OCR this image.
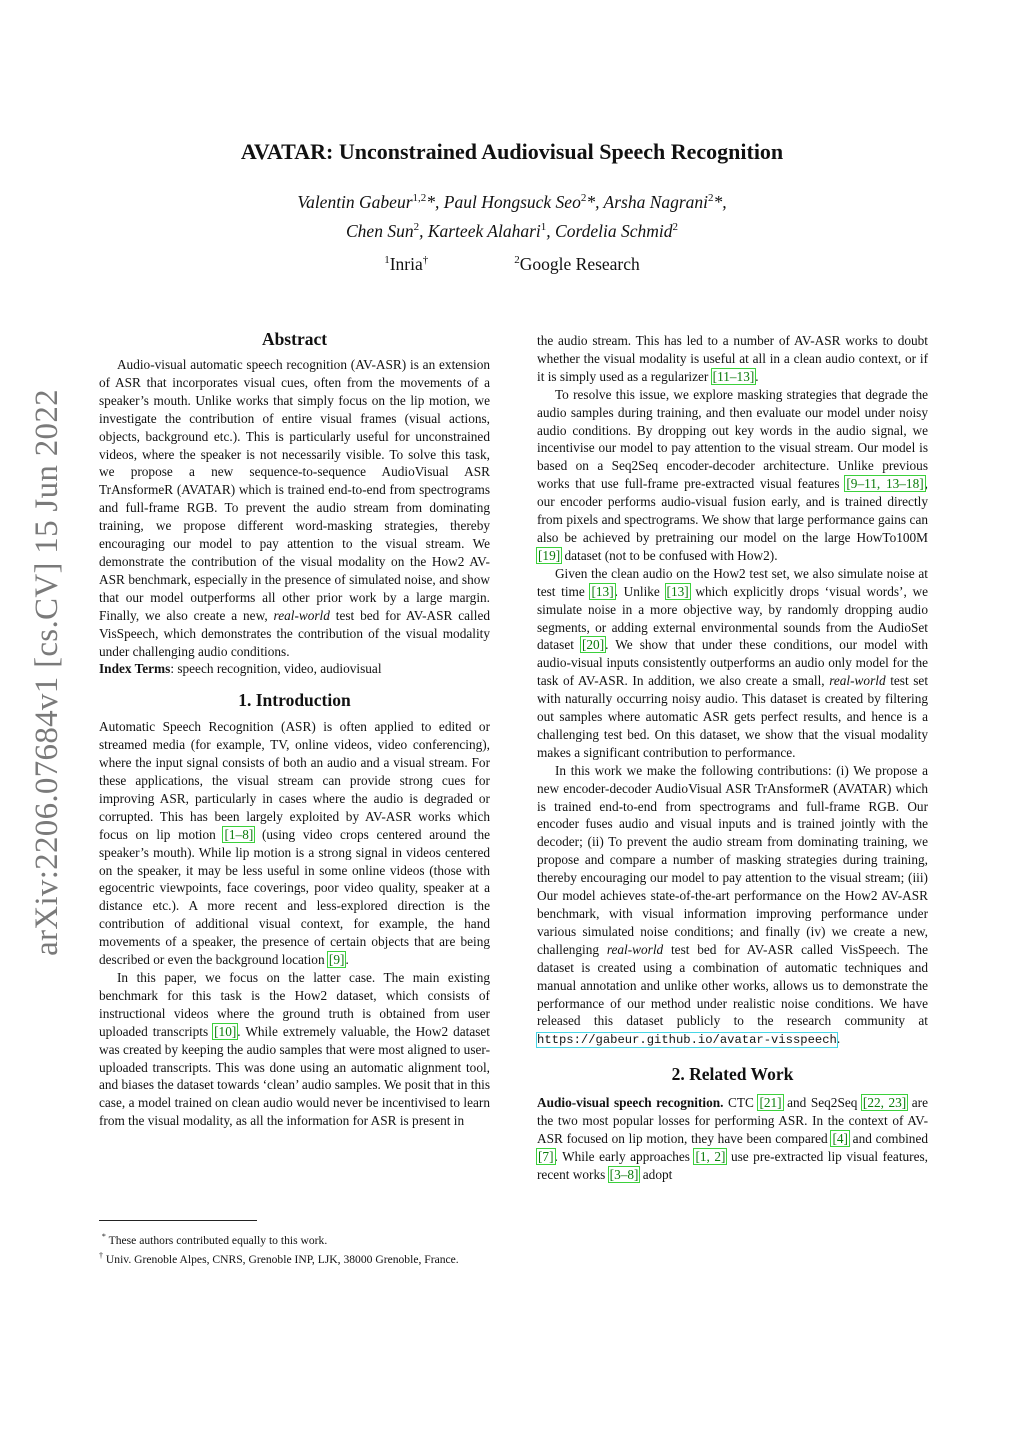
arXiv:2206.07684v1 [cs.CV] 15 Jun 2022
AVATAR: Unconstrained Audiovisual Speech Recognition
Valentin Gabeur$^{1,2}$*, Paul Hongsuck Seo$^2$*, Arsha Nagrani$^2$*,
Chen Sun$^2$, Karteek Alahari$^1$, Cordelia Schmid$^2$
$^1$Inria†	$^2$Google Research
Abstract

Audio-visual automatic speech recognition (AV-ASR) is an extension of ASR that incorporates visual cues, often from the movements of a speaker’s mouth. Unlike works that simply focus on the lip motion, we investigate the contribution of entire visual frames (visual actions, objects, background etc.). This is particularly useful for unconstrained videos, where the speaker is not necessarily visible. To solve this task, we propose a new sequence-to-sequence AudioVisual ASR TrAnsformeR (AVATAR) which is trained end-to-end from spectrograms and full-frame RGB. To prevent the audio stream from dominating training, we propose different word-masking strategies, thereby encouraging our model to pay attention to the visual stream. We demonstrate the contribution of the visual modality on the How2 AV-ASR benchmark, especially in the presence of simulated noise, and show that our model outperforms all other prior work by a large margin. Finally, we also create a new, real-world test bed for AV-ASR called VisSpeech, which demonstrates the contribution of the visual modality under challenging audio conditions.

Index Terms: speech recognition, video, audiovisual

1. Introduction

Automatic Speech Recognition (ASR) is often applied to edited or streamed media (for example, TV, online videos, video conferencing), where the input signal consists of both an audio and a visual stream. For these applications, the visual stream can provide strong cues for improving ASR, particularly in cases where the audio is degraded or corrupted. This has been largely exploited by AV-ASR works which focus on lip motion [1–8] (using video crops centered around the speaker’s mouth). While lip motion is a strong signal in videos centered on the speaker, it may be less useful in some online videos (those with egocentric viewpoints, face coverings, poor video quality, speaker at a distance etc.). A more recent and less-explored direction is the contribution of additional visual context, for example, the hand movements of a speaker, the presence of certain objects that are being described or even the background location [9].

In this paper, we focus on the latter case. The main existing benchmark for this task is the How2 dataset, which consists of instructional videos where the ground truth is obtained from user uploaded transcripts [10]. While extremely valuable, the How2 dataset was created by keeping the audio samples that were most aligned to user-uploaded transcripts. This was done using an automatic alignment tool, and biases the dataset towards ‘clean’ audio samples. We posit that in this case, a model trained on clean audio would never be incentivised to learn from the visual modality, as all the information for ASR is present in

* These authors contributed equally to this work.

† Univ. Grenoble Alpes, CNRS, Grenoble INP, LJK, 38000 Grenoble, France.

the audio stream. This has led to a number of AV-ASR works to doubt whether the visual modality is useful at all in a clean audio context, or if it is simply used as a regularizer [11–13].

To resolve this issue, we explore masking strategies that degrade the audio samples during training, and then evaluate our model under noisy audio conditions. By dropping out key words in the audio signal, we incentivise our model to pay attention to the visual stream. Our model is based on a Seq2Seq encoder-decoder architecture. Unlike previous works that use full-frame pre-extracted visual features [9–11, 13–18], our encoder performs audio-visual fusion early, and is trained directly from pixels and spectrograms. We show that large performance gains can also be achieved by pretraining our model on the large HowTo100M [19] dataset (not to be confused with How2).

Given the clean audio on the How2 test set, we also simulate noise at test time [13]. Unlike [13] which explicitly drops ‘visual words’, we simulate noise in a more objective way, by randomly dropping audio segments, or adding external environmental sounds from the AudioSet dataset [20]. We show that under these conditions, our model with audio-visual inputs consistently outperforms an audio only model for the task of AV-ASR. In addition, we also create a small, real-world test set with naturally occurring noisy audio. This dataset is created by filtering out samples where automatic ASR gets perfect results, and hence is a challenging test bed. On this dataset, we show that the visual modality makes a significant contribution to performance.

In this work we make the following contributions: (i) We propose a new encoder-decoder AudioVisual ASR TrAnsformeR (AVATAR) which is trained end-to-end from spectrograms and full-frame RGB. Our encoder fuses audio and visual inputs and is trained jointly with the decoder; (ii) To prevent the audio stream from dominating training, we propose and compare a number of masking strategies during training, thereby encouraging our model to pay attention to the visual stream; (iii) Our model achieves state-of-the-art performance on the How2 AV-ASR benchmark, with visual information improving performance under various simulated noise conditions; and finally (iv) we create a new, challenging real-world test bed for AV-ASR called VisSpeech. The dataset is created using a combination of automatic techniques and manual annotation and unlike other works, allows us to demonstrate the performance of our method under realistic noise conditions. We have released this dataset publicly to the research community at https://gabeur.github.io/avatar-visspeech.

2. Related Work

Audio-visual speech recognition. CTC [21] and Seq2Seq [22, 23] are the two most popular losses for performing ASR. In the context of AV-ASR focused on lip motion, they have been compared [4] and combined [7]. While early approaches [1, 2] use pre-extracted lip visual features, recent works [3–8] adopt
